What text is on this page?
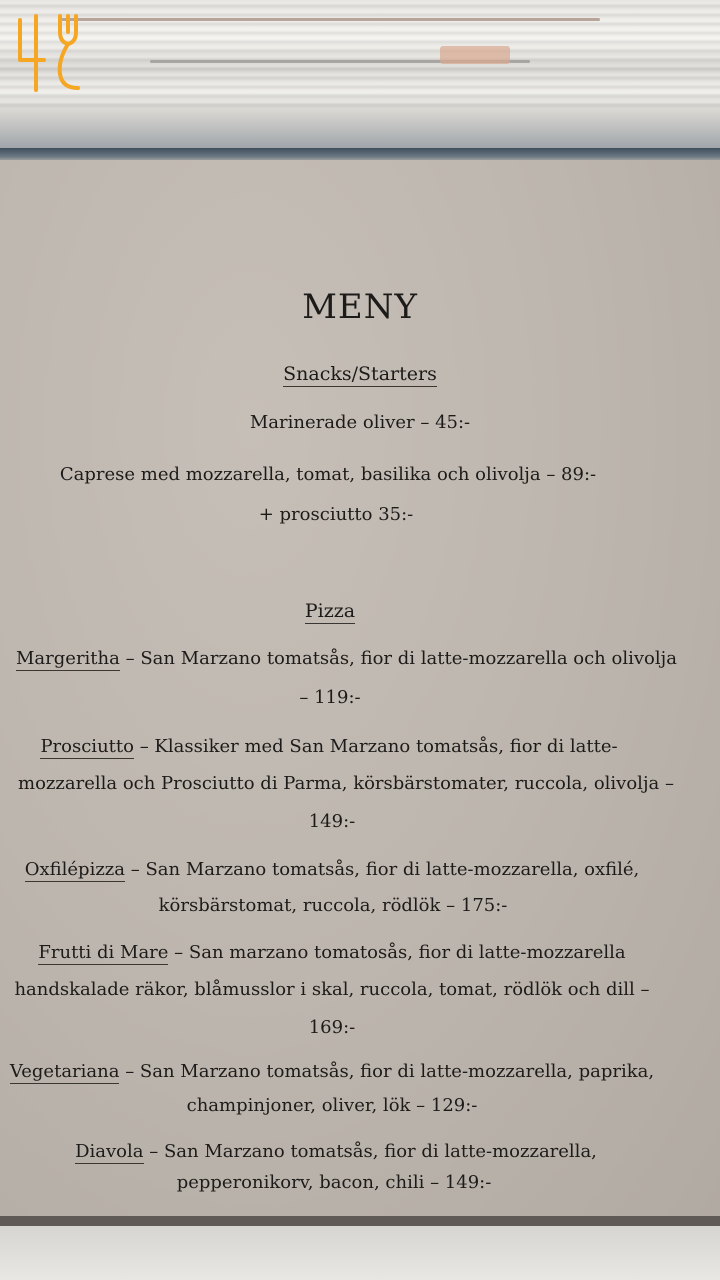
MENY
Snacks/Starters
Marinerade oliver – 45:-
Caprese med mozzarella, tomat, basilika och olivolja – 89:-
+ prosciutto 35:-
Pizza
Margeritha – San Marzano tomatsås, fior di latte-mozzarella och olivolja
– 119:-
Prosciutto – Klassiker med San Marzano tomatsås, fior di latte-
mozzarella och Prosciutto di Parma, körsbärstomater, ruccola, olivolja –
149:-
Oxfilépizza – San Marzano tomatsås, fior di latte-mozzarella, oxfilé,
körsbärstomat, ruccola, rödlök – 175:-
Frutti di Mare – San marzano tomatosås, fior di latte-mozzarella
handskalade räkor, blåmusslor i skal, ruccola, tomat, rödlök och dill –
169:-
Vegetariana – San Marzano tomatsås, fior di latte-mozzarella, paprika,
champinjoner, oliver, lök – 129:-
Diavola – San Marzano tomatsås, fior di latte-mozzarella,
pepperonikorv, bacon, chili – 149:-
